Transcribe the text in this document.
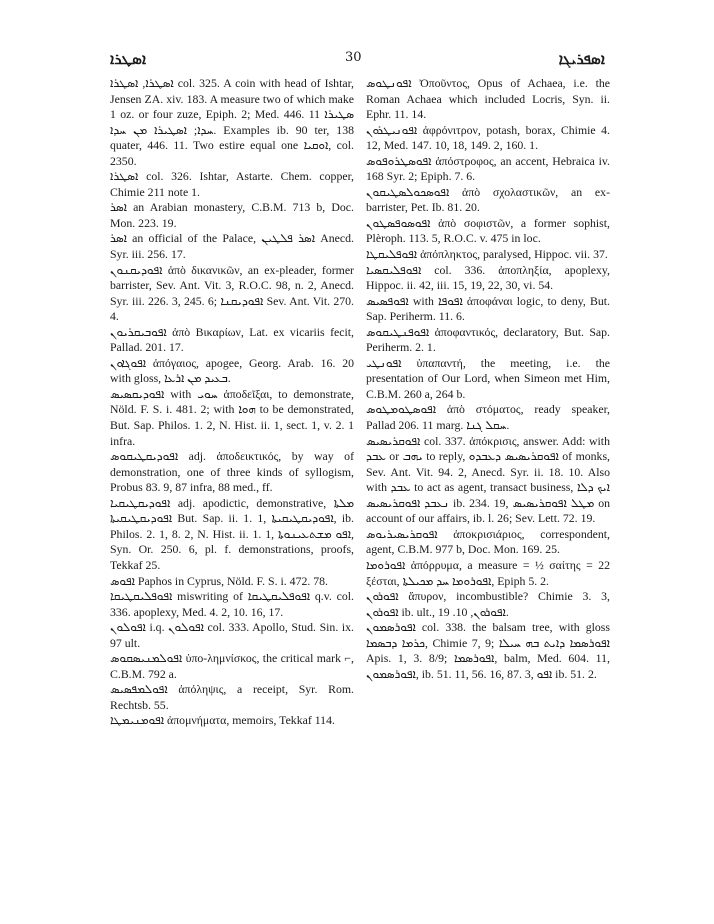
ܐܣܛܪܐ	30	ܐܣܦܪܝܓܐ

ܐܣܛܪܐ, ܐܣܛܪܐ col. 325. A coin with head of Ishtar, Jensen ZA. xiv. 183. A measure two of which make 1 oz. or four zuze, Epiph. 2; Med. 446. 11 ܣܛܝܪܐ ܚܕܐ; ܐܣܛܝܪܐ ܡܢ ܚܕܐ. Examples ib. 90 ter, 138 quater, 446. 11. Two estire equal one ܐܘܩܝܐ, col. 2350.

ܐܣܛܪܐ col. 326. Ishtar, Astarte. Chem. copper, Chimie 211 note 1.

ܐܣܪ an Arabian monastery, C.B.M. 713 b, Doc. Mon. 223. 19.

ܐܣܪ an official of the Palace, ܐܣܪ ܦܠܛܝܢ Anecd. Syr. iii. 256. 17.

ܐܦܘܕܝܩܢܘܢ ἀπὸ δικανικῶν, an ex-pleader, former barrister, Sev. Ant. Vit. 3, R.O.C. 98, n. 2, Anecd. Syr. iii. 226. 3, 245. 6; ܐܦܘܕܝܩܢܐ Sev. Ant. Vit. 270. 4.

ܐܦܘܒܝܩܪܝܘܢ ἀπὸ Βικαρίων, Lat. ex vicariis fecit, Pallad. 201. 17.

ܐܦܘܓܐܘܢ ἀπόγαιος, apogee, Georg. Arab. 16. 20 with gloss, ܒܥܝܕ ܡܢ ܐܪܥܐ.

ܐܦܘܕܝܩܣܝܣ with ܚܘܝ ἀποδεῖξαι, to demonstrate, Nöld. F. S. i. 481. 2; with ܗܘܐ to be demonstrated, But. Sap. Philos. 1. 2, N. Hist. ii. 1, sect. 1, v. 2. 1 infra.

ܐܦܘܕܝܩܛܝܩܘܣ adj. ἀποδεικτικός, by way of demonstration, one of three kinds of syllogism, Probus 83. 9, 87 infra, 88 med., ff.

ܐܦܘܕܝܩܛܝܩܝܐ adj. apodictic, demonstrative, ܡܠܬܐ ܐܦܘܕܝܩܛܝܩܝܬܐ But. Sap. ii. 1. 1, ܐܦܘܕܝܩܛܝܩܝܬܐ, ib. Philos. 2. 1, 8. 2, N. Hist. ii. 1. 1, ܐܦܘ ܡܫܬܥܝܢܘܬܐ, Syn. Or. 250. 6, pl. f. demonstrations, proofs, Tekkaf 25.

ܐܦܘܣ Paphos in Cyprus, Nöld. F. S. i. 472. 78.

ܐܦܘܦܠܝܩܛܝܩܐ miswriting of ܐܦܘܦܠܝܩܛܝܩܐ q.v. col. 336. apoplexy, Med. 4. 2, 10. 16, 17.

ܐܦܘܠܘܢ i.q. ܐܦܘܠܘܢ col. 333. Apollo, Stud. Sin. ix. 97 ult.

ܐܦܘܠܡܢܝܣܩܘܣ ὑπο-λημνίσκος, the critical mark ⌐, C.B.M. 792 a.

ܐܦܘܠܡܦܣܝܣ ἀπόληψις, a receipt, Syr. Rom. Rechtsb. 55.

ܐܦܘܡܢܝܡܛܐ ἀπομνήματα, memoirs, Tekkaf 114.

ܐܦܘܢܛܘܣ Ὀποῦντος, Opus of Achaea, i.e. the Roman Achaea which included Locris, Syn. ii. Ephr. 11. 14.

ܐܦܘܢܝܛܪܘܢ ἀφρόνιτρον, potash, borax, Chimie 4. 12, Med. 147. 10, 18, 149. 2, 160. 1.

ܐܦܘܣܛܪܘܦܘܣ ἀπόστροφος, an accent, Hebraica iv. 168 Syr. 2; Epiph. 7. 6.

ܐܦܘܣܟܘܠܣܛܝܩܘܢ ἀπὸ σχολαστικῶν, an ex-barrister, Pet. Ib. 81. 20.

ܐܦܘܣܘܦܣܛܘܢ ἀπὸ σοφιστῶν, a former sophist, Plèroph. 113. 5, R.O.C. v. 475 in loc.

ܐܦܘܦܠܝܩܛܐ ἀπόπληκτος, paralysed, Hippoc. vii. 37.

ܐܦܘܦܠܝܩܣܝܐ col. 336. ἀποπληξία, apoplexy, Hippoc. ii. 42, iii. 15, 19, 22, 30, vi. 54.

ܐܦܘܦܣܝܣ with ܐܦܘܦܐ ἀποφάναι logic, to deny, But. Sap. Periherm. 11. 6.

ܐܦܘܦܢܛܝܩܘܣ ἀποφαντικός, declaratory, But. Sap. Periherm. 2. 1.

ܐܦܘܢܛܝ ὑπαπαντή, the meeting, i.e. the presentation of Our Lord, when Simeon met Him, C.B.M. 260 a, 264 b.

ܐܦܘܣܛܘܡܛܘܣ ἀπὸ στόματος, ready speaker, Pallad 206. 11 marg. ܚܩܠ ܓܢܐ.

ܐܦܘܩܪܝܣܝܣ col. 337. ἀπόκρισις, answer. Add: with ܥܒܕ or ܝܗܒ to reply, ܐܦܘܩܪܝܣܝܣ ܕܥܒܕܘ of monks, Sev. Ant. Vit. 94. 2, Anecd. Syr. ii. 18. 10. Also with ܥܒܕ to act as agent, transact business, ܐܝܟ ܕܠܐ ܢܥܒܕ ܐܦܘܩܪܝܣܝܣ ib. 234. 19, ܡܛܠ ܐܦܘܩܪܝܣܝܣ on account of our affairs, ib. l. 26; Sev. Lett. 72. 19.

ܐܦܘܩܪܝܣܝܪܝܘܣ ἀποκρισιάριος, correspondent, agent, C.B.M. 977 b, Doc. Mon. 169. 25.

ܐܦܘܪܘܡܐ ἀπόρρυμα, a measure = ½ σαίτης = 22 ξέσται, ܐܦܘܪܘܡܐ ܚܕ ܡܟܝܠܬܐ, Epiph 5. 2.

ܐܦܘܪܘܢ ἄπυρον, incombustible? Chimie 3. 3, ܐܦܘܪܘܢ ib. ult., ܐܦܘܪܘܢ, 10. 19.

ܐܦܘܪܣܡܘܢ col. 338. the balsam tree, with gloss ܟܪܡܐ ܕܒܣܡܐ, Chimie 7, 9; ܐܦܘܪܣܡܐ ܕܐܝܬ ܒܗ ܚܝܠܐ Apis. 1, 3. 8/9; ܐܦܘܪܣܡܐ, balm, Med. 604. 11, ܐܦܘܪܣܡܘܢ, ib. 51. 11, 56. 16, 87. 3, ܐܦܘ ib. 51. 2.
